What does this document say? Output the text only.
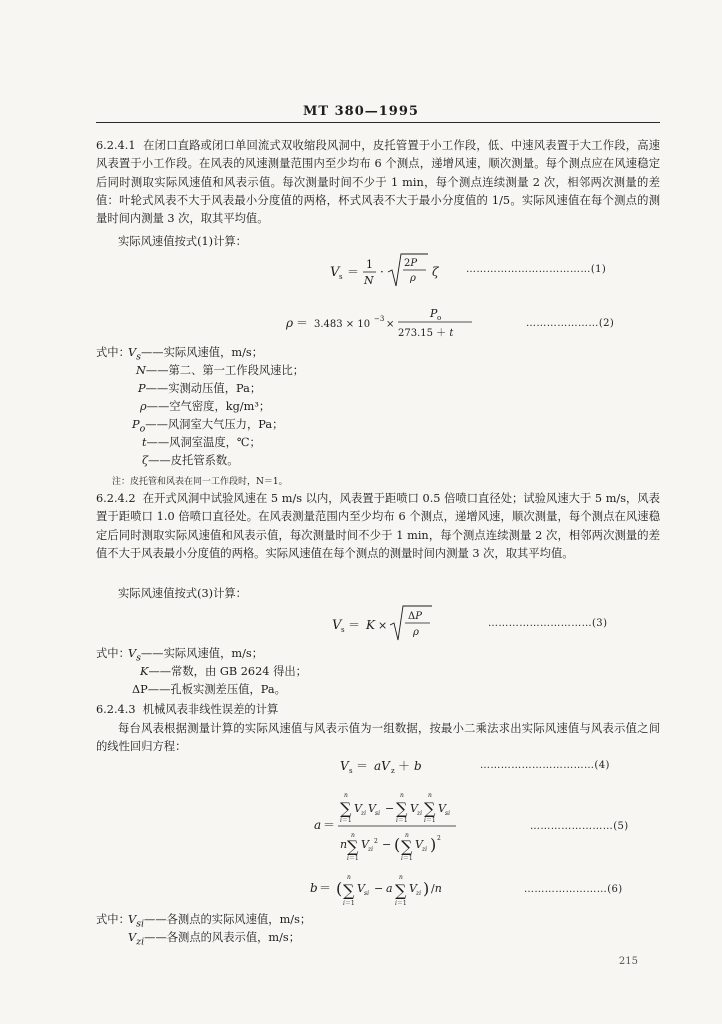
MT 380—1995

6.2.4.1 在闭口直路或闭口单回流式双收缩段风洞中，皮托管置于小工作段，低、中速风表置于大工作段，高速风表置于小工作段。在风表的风速测量范围内至少均布 6 个测点，递增风速，顺次测量。每个测点应在风速稳定后同时测取实际风速值和风表示值。每次测量时间不少于 1 min，每个测点连续测量 2 次，相邻两次测量的差值：叶轮式风表不大于风表最小分度值的两格，杯式风表不大于最小分度值的 1/5。实际风速值在每个测点的测量时间内测量 3 次，取其平均值。

实际风速值按式(1)计算：
V s ＝
1
N
·
2P
ρ ζ	………………………………(1)
ρ ＝ 3.483 × 10 −3 ×
P o
273.15 ＋ t
…………………(2)
式中：
$V_s——$实际风速值，m/s；
N——第二、第一工作段风速比；
P——实测动压值，Pa；
ρ——空气密度，kg/m³；
$P_o——$风洞室大气压力，Pa；
t——风洞室温度，℃；
ζ——皮托管系数。
注：皮托管和风表在同一工作段时，N＝1。

6.2.4.2 在开式风洞中试验风速在 5 m/s 以内，风表置于距喷口 0.5 倍喷口直径处；试验风速大于 5 m/s，风表置于距喷口 1.0 倍喷口直径处。在风表测量范围内至少均布 6 个测点，递增风速，顺次测量，每个测点在风速稳定后同时测取实际风速值和风表示值，每次测量时间不少于 1 min，每个测点连续测量 2 次，相邻两次测量的差值不大于风表最小分度值的两格。实际风速值在每个测点的测量时间内测量 3 次，取其平均值。

实际风速值按式(3)计算：
V s ＝ K ×
ΔP
ρ
…………………………(3)
式中：
$V_s——$实际风速值，m/s；
K——常数，由 GB 2624 得出；
ΔP——孔板实测差压值，Pa。
6.2.4.3 机械风表非线性误差的计算

每台风表根据测量计算的实际风速值与风表示值为一组数据，按最小二乘法求出实际风速值与风表示值之间的线性回归方程：

V s ＝ aV z ＋ b	……………………………(4)
a ＝
n
∑
i＝1
V zi V si −
n
∑
i＝1
V zi
n
∑
i＝1
V si
n
n
∑
i＝1
V zi
2 − ( n
∑
i＝1
V zi ) 2
……………………(5)
b ＝ (
n
∑
i＝1
V si − a
n
∑
i＝1
V zi ) /n	……………………(6)
式中：
$V_{si}——$各测点的实际风速值，m/s；
$V_{zi}——$各测点的风表示值，m/s；
215
